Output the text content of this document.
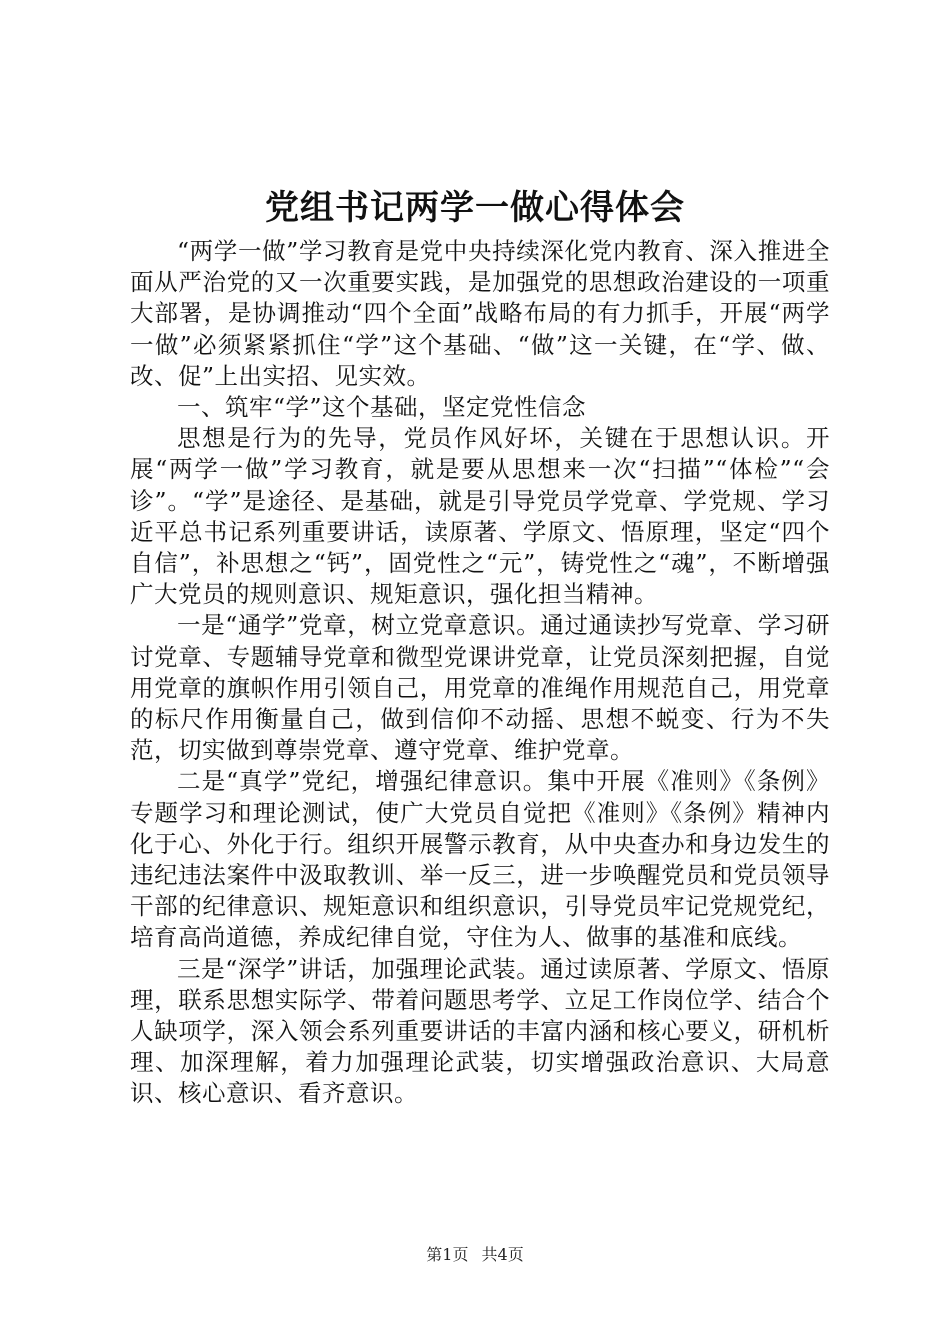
党组书记两学一做心得体会

“两学一做”学习教育是党中央持续深化党内教育、深入推进全面从严治党的又一次重要实践，是加强党的思想政治建设的一项重大部署，是协调推动“四个全面”战略布局的有力抓手，开展“两学一做”必须紧紧抓住“学”这个基础、“做”这一关键，在“学、做、改、促”上出实招、见实效。

一、筑牢“学”这个基础，坚定党性信念

思想是行为的先导，党员作风好坏，关键在于思想认识。开展“两学一做”学习教育，就是要从思想来一次“扫描”“体检”“会诊”。“学”是途径、是基础，就是引导党员学党章、学党规、学习近平总书记系列重要讲话，读原著、学原文、悟原理，坚定“四个自信”，补思想之“钙”，固党性之“元”，铸党性之“魂”，不断增强广大党员的规则意识、规矩意识，强化担当精神。

一是“通学”党章，树立党章意识。通过通读抄写党章、学习研讨党章、专题辅导党章和微型党课讲党章，让党员深刻把握，自觉用党章的旗帜作用引领自己，用党章的准绳作用规范自己，用党章的标尺作用衡量自己，做到信仰不动摇、思想不蜕变、行为不失范，切实做到尊崇党章、遵守党章、维护党章。

二是“真学”党纪，增强纪律意识。集中开展《准则》《条例》专题学习和理论测试，使广大党员自觉把《准则》《条例》精神内化于心、外化于行。组织开展警示教育，从中央查办和身边发生的违纪违法案件中汲取教训、举一反三，进一步唤醒党员和党员领导干部的纪律意识、规矩意识和组织意识，引导党员牢记党规党纪，培育高尚道德，养成纪律自觉，守住为人、做事的基准和底线。

三是“深学”讲话，加强理论武装。通过读原著、学原文、悟原理，联系思想实际学、带着问题思考学、立足工作岗位学、结合个人缺项学，深入领会系列重要讲话的丰富内涵和核心要义，研机析理、加深理解，着力加强理论武装，切实增强政治意识、大局意识、核心意识、看齐意识。

第1页 共4页
